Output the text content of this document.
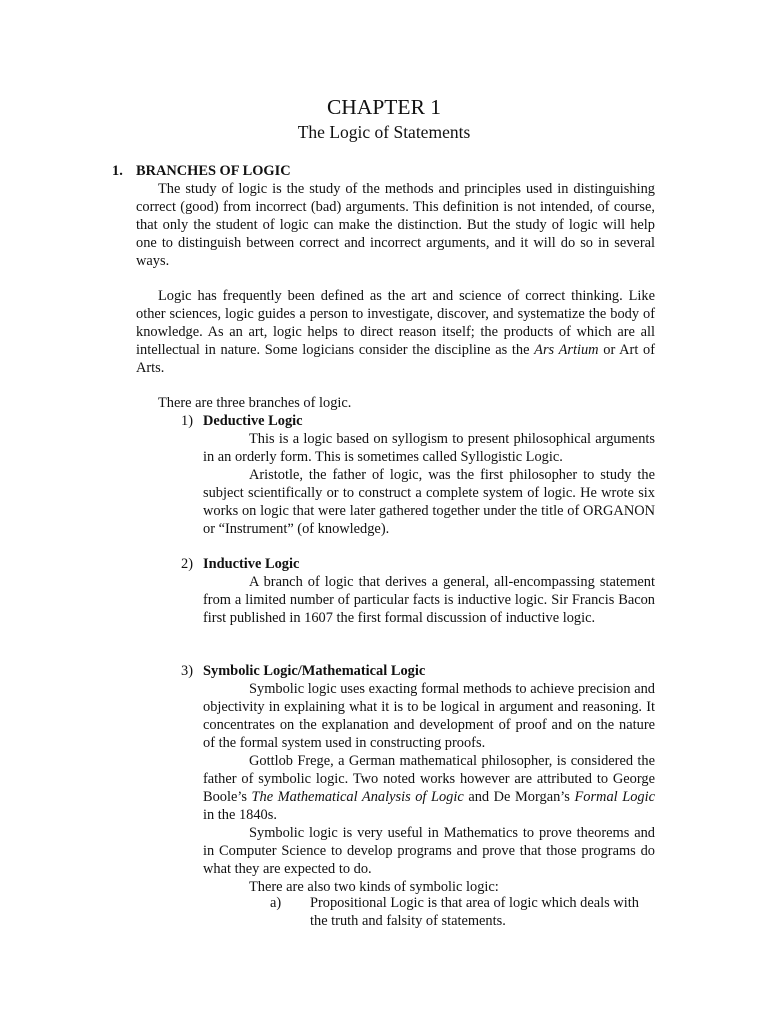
CHAPTER 1
The Logic of Statements
1. BRANCHES OF LOGIC

The study of logic is the study of the methods and principles used in distinguishing correct (good) from incorrect (bad) arguments. This definition is not intended, of course, that only the student of logic can make the distinction. But the study of logic will help one to distinguish between correct and incorrect arguments, and it will do so in several ways.

Logic has frequently been defined as the art and science of correct thinking. Like other sciences, logic guides a person to investigate, discover, and systematize the body of knowledge. As an art, logic helps to direct reason itself; the products of which are all intellectual in nature. Some logicians consider the discipline as the Ars Artium or Art of Arts.

There are three branches of logic.
1) Deductive Logic

This is a logic based on syllogism to present philosophical arguments in an orderly form. This is sometimes called Syllogistic Logic.

Aristotle, the father of logic, was the first philosopher to study the subject scientifically or to construct a complete system of logic. He wrote six works on logic that were later gathered together under the title of ORGANON or “Instrument” (of knowledge).

2) Inductive Logic

A branch of logic that derives a general, all-encompassing statement from a limited number of particular facts is inductive logic. Sir Francis Bacon first published in 1607 the first formal discussion of inductive logic.

3) Symbolic Logic/Mathematical Logic

Symbolic logic uses exacting formal methods to achieve precision and objectivity in explaining what it is to be logical in argument and reasoning. It concentrates on the explanation and development of proof and on the nature of the formal system used in constructing proofs.

Gottlob Frege, a German mathematical philosopher, is considered the father of symbolic logic. Two noted works however are attributed to George Boole’s The Mathematical Analysis of Logic and De Morgan’s Formal Logic in the 1840s.

Symbolic logic is very useful in Mathematics to prove theorems and in Computer Science to develop programs and prove that those programs do what they are expected to do.

There are also two kinds of symbolic logic:

a) Propositional Logic is that area of logic which deals with the truth and falsity of statements.
